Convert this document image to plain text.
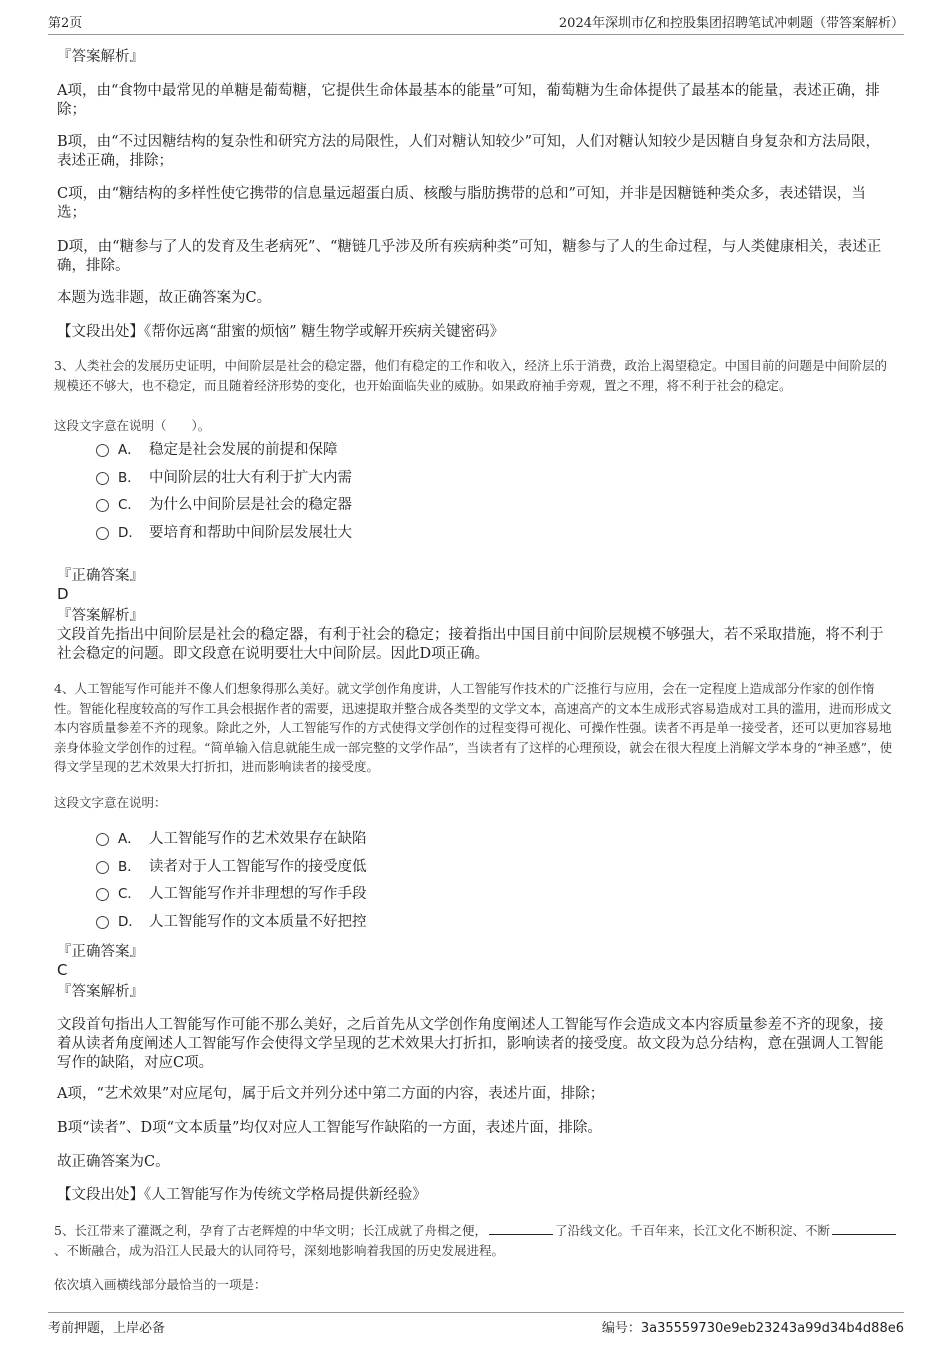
第2页	2024年深圳市亿和控股集团招聘笔试冲刺题（带答案解析）
『答案解析』
A项，由“食物中最常见的单糖是葡萄糖，它提供生命体最基本的能量”可知，葡萄糖为生命体提供了最基本的能量，表述正确，排除；
B项，由“不过因糖结构的复杂性和研究方法的局限性，人们对糖认知较少”可知，人们对糖认知较少是因糖自身复杂和方法局限，表述正确，排除；
C项，由“糖结构的多样性使它携带的信息量远超蛋白质、核酸与脂肪携带的总和”可知，并非是因糖链种类众多，表述错误，当选；
D项，由“糖参与了人的发育及生老病死”、“糖链几乎涉及所有疾病种类”可知，糖参与了人的生命过程，与人类健康相关，表述正确，排除。
本题为选非题，故正确答案为C。
【文段出处】《帮你远离“甜蜜的烦恼” 糖生物学或解开疾病关键密码》
3、人类社会的发展历史证明，中间阶层是社会的稳定器，他们有稳定的工作和收入，经济上乐于消费，政治上渴望稳定。中国目前的问题是中间阶层的规模还不够大，也不稳定，而且随着经济形势的变化，也开始面临失业的威胁。如果政府袖手旁观，置之不理，将不利于社会的稳定。
这段文字意在说明（　　）。
A． 稳定是社会发展的前提和保障
B． 中间阶层的壮大有利于扩大内需
C． 为什么中间阶层是社会的稳定器
D． 要培育和帮助中间阶层发展壮大
『正确答案』
D
『答案解析』
文段首先指出中间阶层是社会的稳定器，有利于社会的稳定；接着指出中国目前中间阶层规模不够强大，若不采取措施，将不利于社会稳定的问题。即文段意在说明要壮大中间阶层。因此D项正确。
4、人工智能写作可能并不像人们想象得那么美好。就文学创作角度讲，人工智能写作技术的广泛推行与应用，会在一定程度上造成部分作家的创作惰性。智能化程度较高的写作工具会根据作者的需要，迅速提取并整合成各类型的文学文本，高速高产的文本生成形式容易造成对工具的滥用，进而形成文本内容质量参差不齐的现象。除此之外，人工智能写作的方式使得文学创作的过程变得可视化、可操作性强。读者不再是单一接受者，还可以更加容易地亲身体验文学创作的过程。“简单输入信息就能生成一部完整的文学作品”，当读者有了这样的心理预设，就会在很大程度上消解文学本身的“神圣感”，使得文学呈现的艺术效果大打折扣，进而影响读者的接受度。
这段文字意在说明：
A． 人工智能写作的艺术效果存在缺陷
B． 读者对于人工智能写作的接受度低
C． 人工智能写作并非理想的写作手段
D． 人工智能写作的文本质量不好把控
『正确答案』
C
『答案解析』
文段首句指出人工智能写作可能不那么美好，之后首先从文学创作角度阐述人工智能写作会造成文本内容质量参差不齐的现象，接着从读者角度阐述人工智能写作会使得文学呈现的艺术效果大打折扣，影响读者的接受度。故文段为总分结构，意在强调人工智能写作的缺陷，对应C项。
A项，“艺术效果”对应尾句，属于后文并列分述中第二方面的内容，表述片面，排除；
B项“读者”、D项“文本质量”均仅对应人工智能写作缺陷的一方面，表述片面，排除。
故正确答案为C。
【文段出处】《人工智能写作为传统文学格局提供新经验》
5、长江带来了灌溉之利，孕育了古老辉煌的中华文明；长江成就了舟楫之便，	了沿线文化。千百年来，长江文化不断积淀、不断、不断融合，成为沿江人民最大的认同符号，深刻地影响着我国的历史发展进程。
依次填入画横线部分最恰当的一项是：
考前押题，上岸必备	编号：3a35559730e9eb23243a99d34b4d88e6
